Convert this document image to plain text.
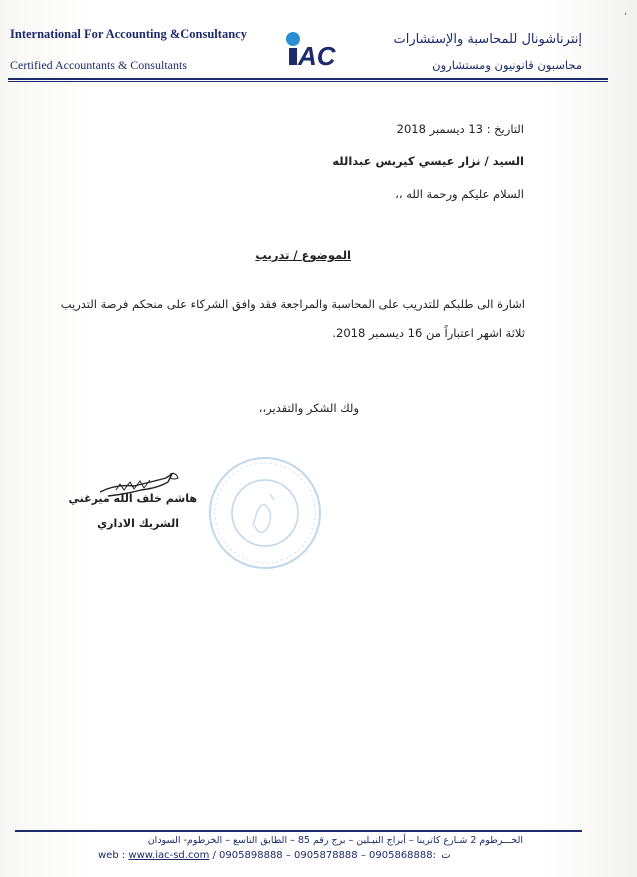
٬
International For Accounting &Consultancy
Certified Accountants & Consultants	AC
إنترناشونال للمحاسبة والإستشارات
محاسبون قانونيون ومستشارون
التاريخ : 13 ديسمبر 2018
السيد / نزار عيسي كيربس عبدالله
السلام عليكم ورحمة الله ،،
الموضوع / تدريب
اشارة الى طلبكم للتدريب على المحاسبة والمراجعة فقد وافق الشركاء على منحكم فرصة التدريب
ثلاثة اشهر اعتباراً من 16 ديسمبر 2018.
ولك الشكر والتقدير،،
هاشم خلف الله ميرغني
الشريك الاداري
الخـــرطوم 2 شـارع كاترينا – أبراج النيـلين – برج رقم 85 – الطابق التاسع – الخرطوم- السودان
web : www.iac-sd.com / 0905898888 – 0905878888 – 0905868888: ت
